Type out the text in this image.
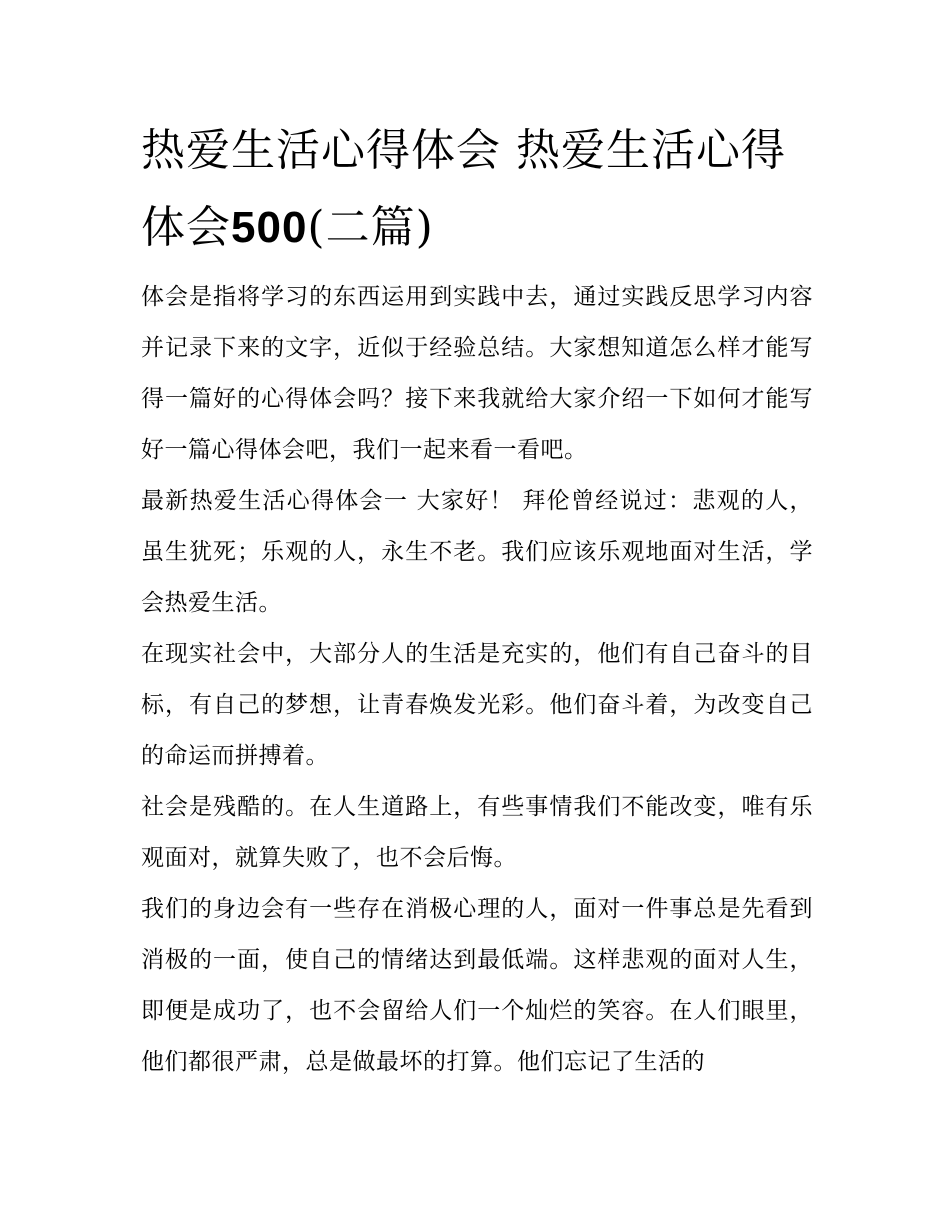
热爱生活心得体会 热爱生活心得体会500(二篇)

体会是指将学习的东西运用到实践中去，通过实践反思学习内容并记录下来的文字，近似于经验总结。大家想知道怎么样才能写得一篇好的心得体会吗？接下来我就给大家介绍一下如何才能写好一篇心得体会吧，我们一起来看一看吧。

最新热爱生活心得体会一 大家好！ 拜伦曾经说过：悲观的人，虽生犹死；乐观的人，永生不老。我们应该乐观地面对生活，学会热爱生活。

在现实社会中，大部分人的生活是充实的，他们有自己奋斗的目标，有自己的梦想，让青春焕发光彩。他们奋斗着，为改变自己的命运而拼搏着。

社会是残酷的。在人生道路上，有些事情我们不能改变，唯有乐观面对，就算失败了，也不会后悔。

我们的身边会有一些存在消极心理的人，面对一件事总是先看到消极的一面，使自己的情绪达到最低端。这样悲观的面对人生，即便是成功了，也不会留给人们一个灿烂的笑容。在人们眼里，他们都很严肃，总是做最坏的打算。他们忘记了生活的
